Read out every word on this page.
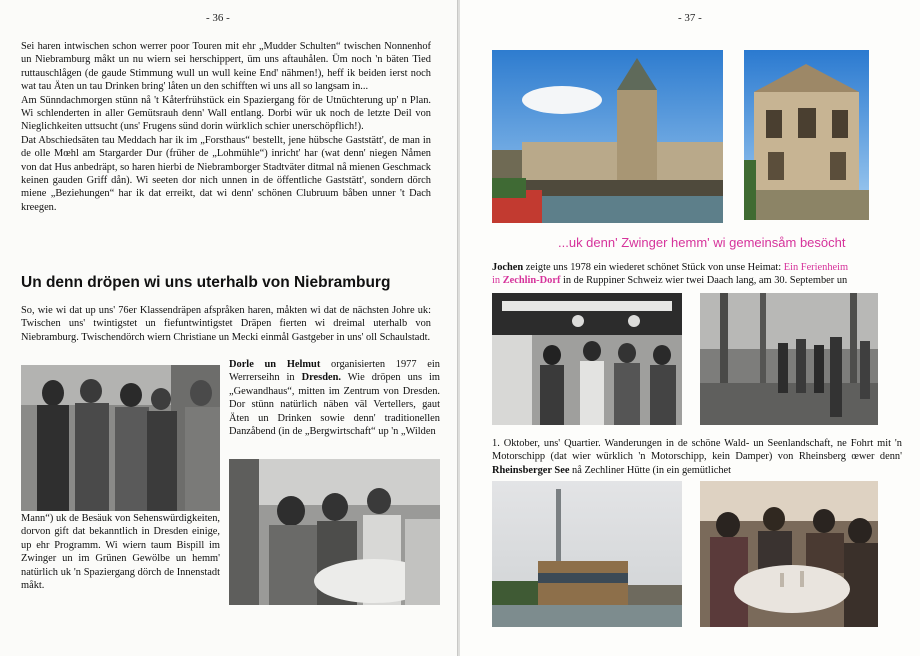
- 36 -

Sei haren intwischen schon werrer poor Touren mit ehr „Mudder Schulten“ twischen Nonnenhof un Niebramburg måkt un nu wiern sei herschippert, üm uns aftauhålen. Üm noch 'n bäten Tied ruttauschlågen (de gaude Stimmung wull un wull keine End' nähmen!), heff ik beiden ierst noch wat tau Äten un tau Drinken bring' låten un den schifften wi uns all so langsam in...

Am Sünndachmorgen stünn nå 't Kåterfrühstück ein Spaziergang för de Utnüchterung up' n Plan. Wi schlenderten in aller Gemütsrauh denn' Wall entlang. Dorbi wür uk noch de letzte Deil von Nieglichkeiten uttsucht (uns' Frugens sünd dorin würklich schier unerschöpflich!).

Dat Abschiedsäten tau Meddach har ik im „Forsthaus“ bestellt, jene hübsche Gaststätt', de man in de olle Mœhl am Stargarder Dur (früher de „Lohmühle“) inricht' har (wat denn' niegen Nåmen von dat Hus anbedräpt, so haren hierbi de Niebramborger Stadtväter ditmal nå mienen Geschmack keinen gauden Griff dån). Wi seeten dor nich unnen in de öffentliche Gaststätt', sondern dörch miene „Beziehungen“ har ik dat erreikt, dat wi denn' schönen Clubruum båben unner 't Dach kreegen.

Un denn dröpen wi uns uterhalb von Niebramburg
So, wie wi dat up uns' 76er Klassendräpen afspråken haren, måkten wi dat de nächsten Johre uk: Twischen uns' twintigstet un fiefuntwintigstet Dräpen fierten wi dreimal uterhalb von Niebramburg. Twischendörch wiern Christiane un Mecki einmål Gastgeber in uns' oll Schaulstadt.
Dorle un Helmut organisierten 1977 ein Werrerseihn in Dresden. Wie dröpen uns im „Gewandhaus“, mitten im Zentrum von Dresden. Dor stünn natürlich näben väl Vertellers, gaut Äten un Drinken sowie denn' traditionellen Danzåbend (in de „Bergwirtschaft“ up 'n „Wilden
Mann“) uk de Besäuk von Sehenswürdigkeiten, dorvon gift dat bekanntlich in Dresden einige, up ehr Programm. Wi wiern taum Bispill im Zwinger un im Grünen Gewölbe un hemm' natürlich uk 'n Spaziergang dörch de Innenstadt måkt.
- 37 -
...uk denn' Zwinger hemm' wi gemeinsåm besöcht
Jochen zeigte uns 1978 ein wiederet schönet Stück von unse Heimat: Ein Ferienheim
in Zechlin-Dorf in de Ruppiner Schweiz wier twei Daach lang, am 30. September un
1. Oktober, uns' Quartier. Wanderungen in de schöne Wald- un Seenlandschaft, ne Fohrt mit 'n Motorschipp (dat wier würklich 'n Motorschipp, kein Damper) von Rheinsberg œwer denn' Rheinsberger See nå Zechliner Hütte (in ein gemütlichet
